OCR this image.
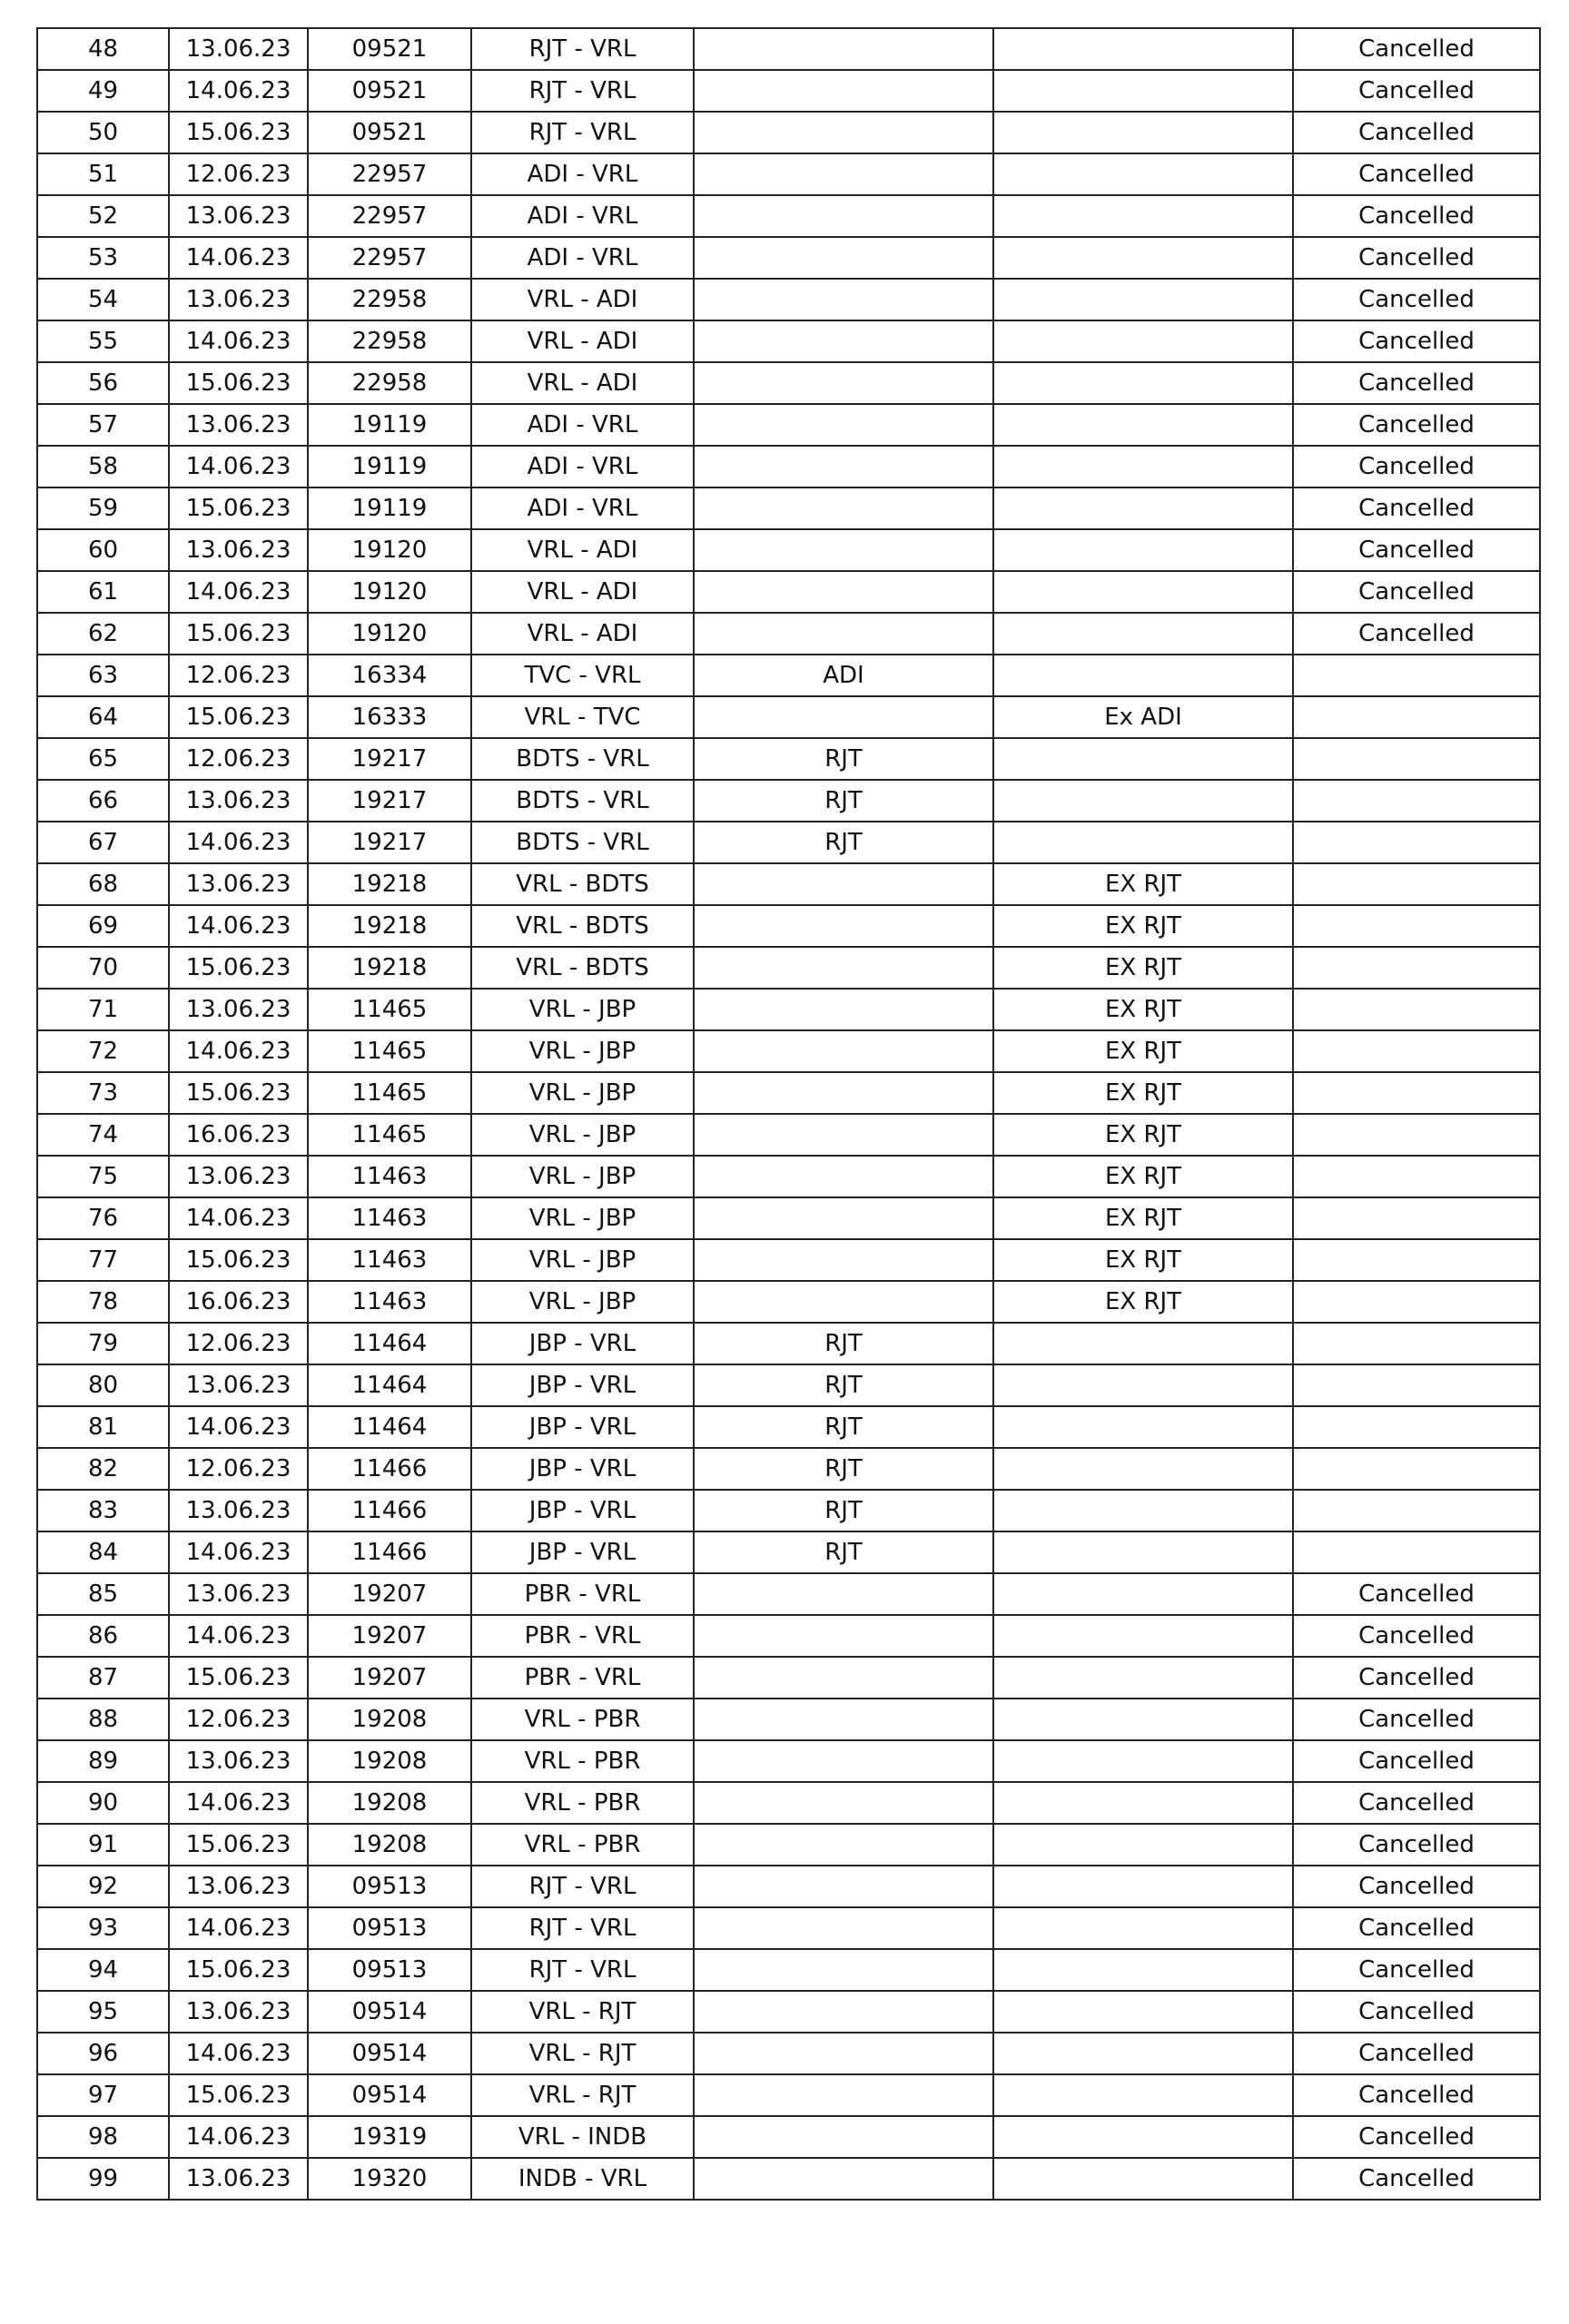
48	13.06.23	09521	RJT - VRL			Cancelled
49	14.06.23	09521	RJT - VRL			Cancelled
50	15.06.23	09521	RJT - VRL			Cancelled
51	12.06.23	22957	ADI - VRL			Cancelled
52	13.06.23	22957	ADI - VRL			Cancelled
53	14.06.23	22957	ADI - VRL			Cancelled
54	13.06.23	22958	VRL - ADI			Cancelled
55	14.06.23	22958	VRL - ADI			Cancelled
56	15.06.23	22958	VRL - ADI			Cancelled
57	13.06.23	19119	ADI - VRL			Cancelled
58	14.06.23	19119	ADI - VRL			Cancelled
59	15.06.23	19119	ADI - VRL			Cancelled
60	13.06.23	19120	VRL - ADI			Cancelled
61	14.06.23	19120	VRL - ADI			Cancelled
62	15.06.23	19120	VRL - ADI			Cancelled
63	12.06.23	16334	TVC - VRL	ADI		
64	15.06.23	16333	VRL - TVC		Ex ADI	
65	12.06.23	19217	BDTS - VRL	RJT		
66	13.06.23	19217	BDTS - VRL	RJT		
67	14.06.23	19217	BDTS - VRL	RJT		
68	13.06.23	19218	VRL - BDTS		EX RJT	
69	14.06.23	19218	VRL - BDTS		EX RJT	
70	15.06.23	19218	VRL - BDTS		EX RJT	
71	13.06.23	11465	VRL - JBP		EX RJT	
72	14.06.23	11465	VRL - JBP		EX RJT	
73	15.06.23	11465	VRL - JBP		EX RJT	
74	16.06.23	11465	VRL - JBP		EX RJT	
75	13.06.23	11463	VRL - JBP		EX RJT	
76	14.06.23	11463	VRL - JBP		EX RJT	
77	15.06.23	11463	VRL - JBP		EX RJT	
78	16.06.23	11463	VRL - JBP		EX RJT	
79	12.06.23	11464	JBP - VRL	RJT		
80	13.06.23	11464	JBP - VRL	RJT		
81	14.06.23	11464	JBP - VRL	RJT		
82	12.06.23	11466	JBP - VRL	RJT		
83	13.06.23	11466	JBP - VRL	RJT		
84	14.06.23	11466	JBP - VRL	RJT		
85	13.06.23	19207	PBR - VRL			Cancelled
86	14.06.23	19207	PBR - VRL			Cancelled
87	15.06.23	19207	PBR - VRL			Cancelled
88	12.06.23	19208	VRL - PBR			Cancelled
89	13.06.23	19208	VRL - PBR			Cancelled
90	14.06.23	19208	VRL - PBR			Cancelled
91	15.06.23	19208	VRL - PBR			Cancelled
92	13.06.23	09513	RJT - VRL			Cancelled
93	14.06.23	09513	RJT - VRL			Cancelled
94	15.06.23	09513	RJT - VRL			Cancelled
95	13.06.23	09514	VRL - RJT			Cancelled
96	14.06.23	09514	VRL - RJT			Cancelled
97	15.06.23	09514	VRL - RJT			Cancelled
98	14.06.23	19319	VRL - INDB			Cancelled
99	13.06.23	19320	INDB - VRL			Cancelled
